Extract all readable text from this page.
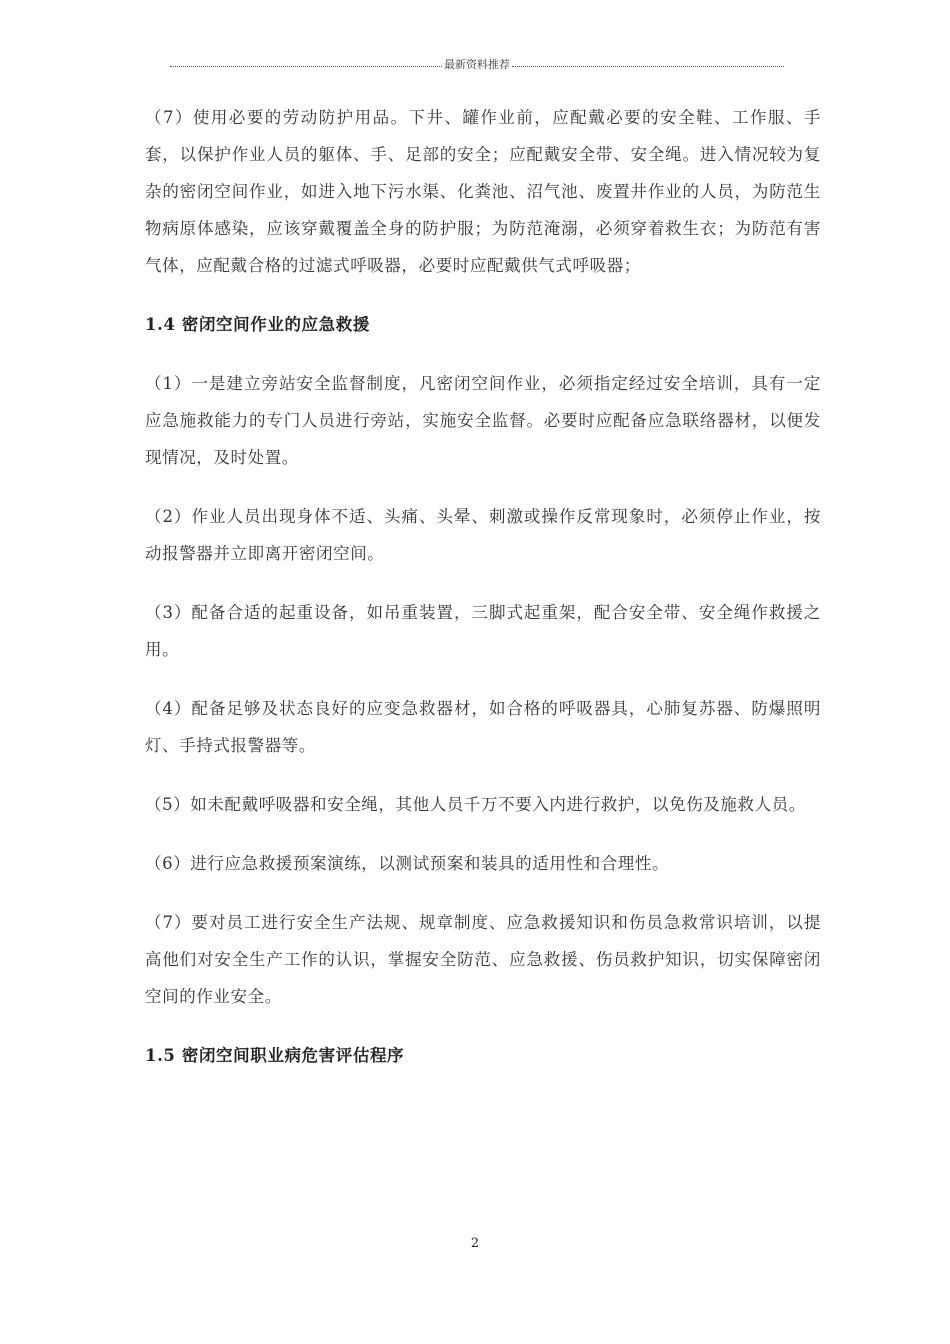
最新资料推荐

（7）使用必要的劳动防护用品。下井、罐作业前，应配戴必要的安全鞋、工作服、手套，以保护作业人员的躯体、手、足部的安全；应配戴安全带、安全绳。进入情况较为复杂的密闭空间作业，如进入地下污水渠、化粪池、沼气池、废置井作业的人员，为防范生物病原体感染，应该穿戴覆盖全身的防护服；为防范淹溺，必须穿着救生衣；为防范有害气体，应配戴合格的过滤式呼吸器，必要时应配戴供气式呼吸器；

1.4 密闭空间作业的应急救援

（1）一是建立旁站安全监督制度，凡密闭空间作业，必须指定经过安全培训，具有一定应急施救能力的专门人员进行旁站，实施安全监督。必要时应配备应急联络器材，以便发现情况，及时处置。

（2）作业人员出现身体不适、头痛、头晕、刺激或操作反常现象时，必须停止作业，按动报警器并立即离开密闭空间。

（3）配备合适的起重设备，如吊重装置，三脚式起重架，配合安全带、安全绳作救援之用。

（4）配备足够及状态良好的应变急救器材，如合格的呼吸器具，心肺复苏器、防爆照明灯、手持式报警器等。

（5）如未配戴呼吸器和安全绳，其他人员千万不要入内进行救护，以免伤及施救人员。

（6）进行应急救援预案演练，以测试预案和装具的适用性和合理性。

（7）要对员工进行安全生产法规、规章制度、应急救援知识和伤员急救常识培训，以提高他们对安全生产工作的认识，掌握安全防范、应急救援、伤员救护知识，切实保障密闭空间的作业安全。

1.5 密闭空间职业病危害评估程序

2
